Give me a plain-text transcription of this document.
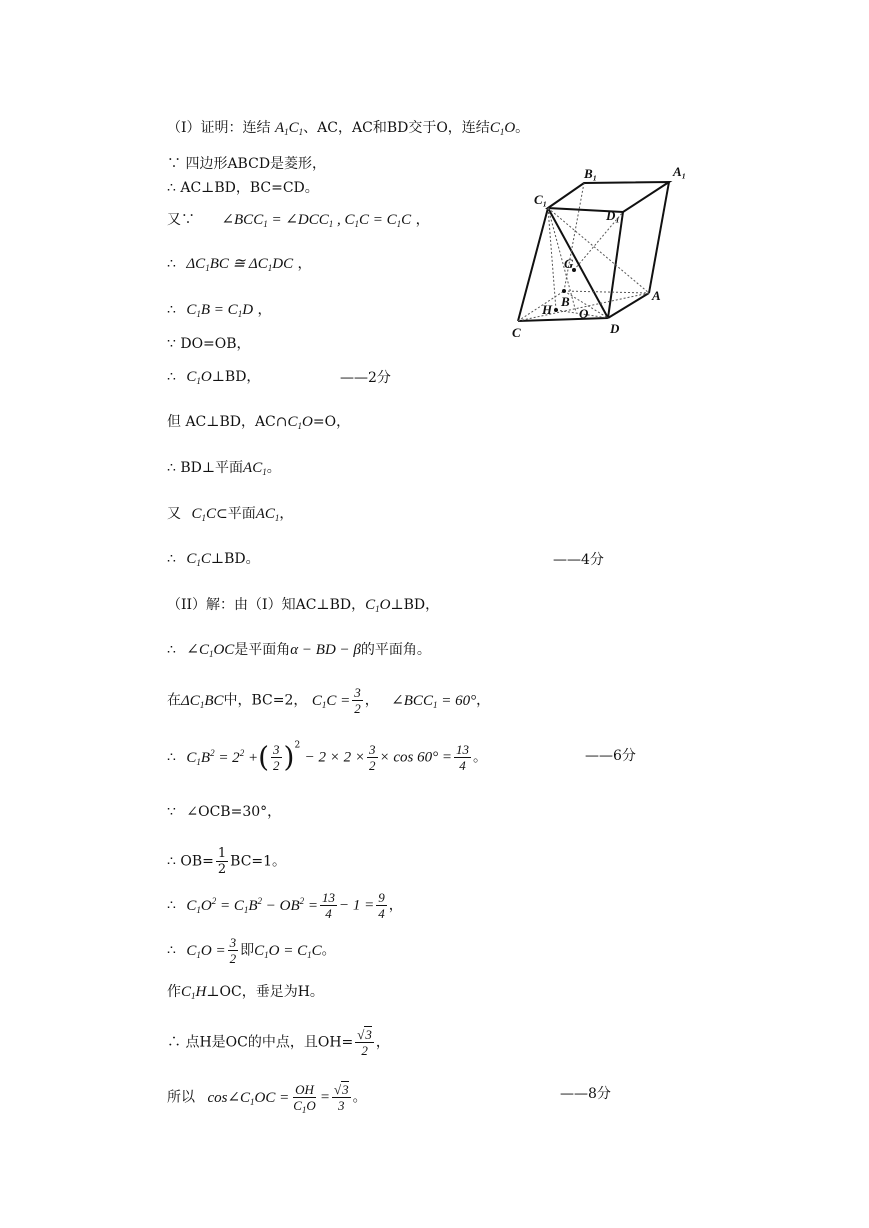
（I）证明：连结 $A_1C_1$、AC，AC和BD交于O，连结$C_1O$。
∵ 四边形ABCD是菱形，
∴ AC⊥BD，BC=CD。
又∵ $\angle BCC_1$ = $\angle DCC_1$ , $C_1C = C_1C$ ，
∴ $\Delta C_1BC$ ≅ $\Delta C_1DC$ ，
∴ $C_1B = C_1D$ ，
∵ DO=OB，
∴ $C_1O\perp BD$，	——2分
但 AC⊥BD，$AC\cap C_1O=O$，
∴ BD⊥平面$AC_1$。
又 $C_1C\subset$平面$AC_1$，
∴ $C_1C\perp BD$。	——4分
（II）解：由（I）知AC⊥BD，$C_1O\perp BD$，
∴ $\angle C_1OC$是平面角α − BD − β的平面角。
在$\Delta C_1BC$中，BC=2， $C_1C = \frac{3}{2}$ ， $\angle BCC_1 = 60^\circ$，
∴ $C_1B^2 = 2^2$ +( $\frac{3}{2} )^2 - 2 \times 2 \times \frac{3}{2} \times \cos 60^\circ = \frac{13}{4}$ 。	——6分
∵ ∠OCB=30°，
∴ $OB= \frac{1}{2} BC=1$。
∴ $C_1O^2 = C_1B^2 - OB^2 = \frac{13}{4} - 1 = \frac{9}{4}$ ，
∴ $C_1O = \frac{3}{2}$ 即$C_1O = C_1C$。
作$C_1H\perp OC$，垂足为H。
∴ 点H是OC的中点，且$OH= \frac{√3}{2}$ ，
所以 $\cos\angle C_1OC = \frac{OH}{C_1O} = \frac{√3}{3}$ 。	——8分
B₁	A₁
C₁
D₁
G
B	A
H O
C	D
